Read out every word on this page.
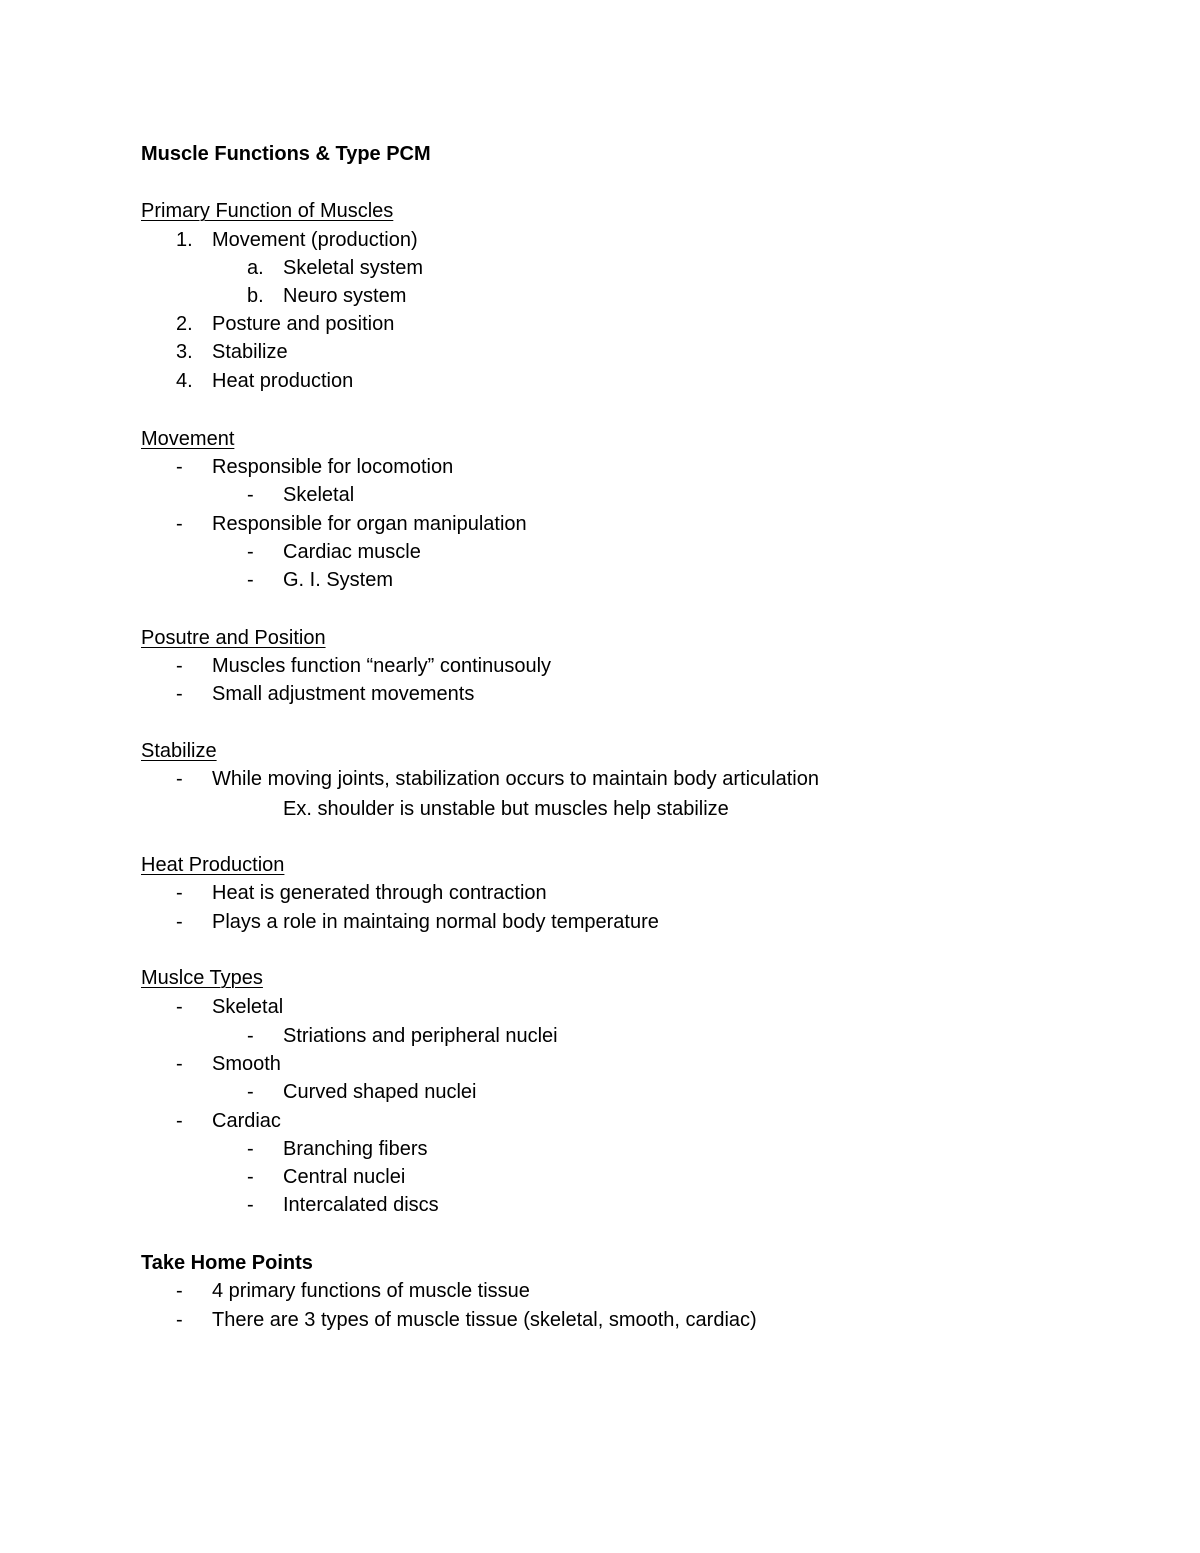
Muscle Functions & Type PCM
Primary Function of Muscles
1. Movement (production)
a. Skeletal system
b. Neuro system
2. Posture and position
3. Stabilize
4. Heat production
Movement
- Responsible for locomotion
- Skeletal
- Responsible for organ manipulation
- Cardiac muscle
- G. I. System
Posutre and Position
- Muscles function “nearly” continusouly
- Small adjustment movements
Stabilize
- While moving joints, stabilization occurs to maintain body articulation
Ex. shoulder is unstable but muscles help stabilize
Heat Production
- Heat is generated through contraction
- Plays a role in maintaing normal body temperature
Muslce Types
- Skeletal
- Striations and peripheral nuclei
- Smooth
- Curved shaped nuclei
- Cardiac
- Branching fibers
- Central nuclei
- Intercalated discs
Take Home Points
- 4 primary functions of muscle tissue
- There are 3 types of muscle tissue (skeletal, smooth, cardiac)
